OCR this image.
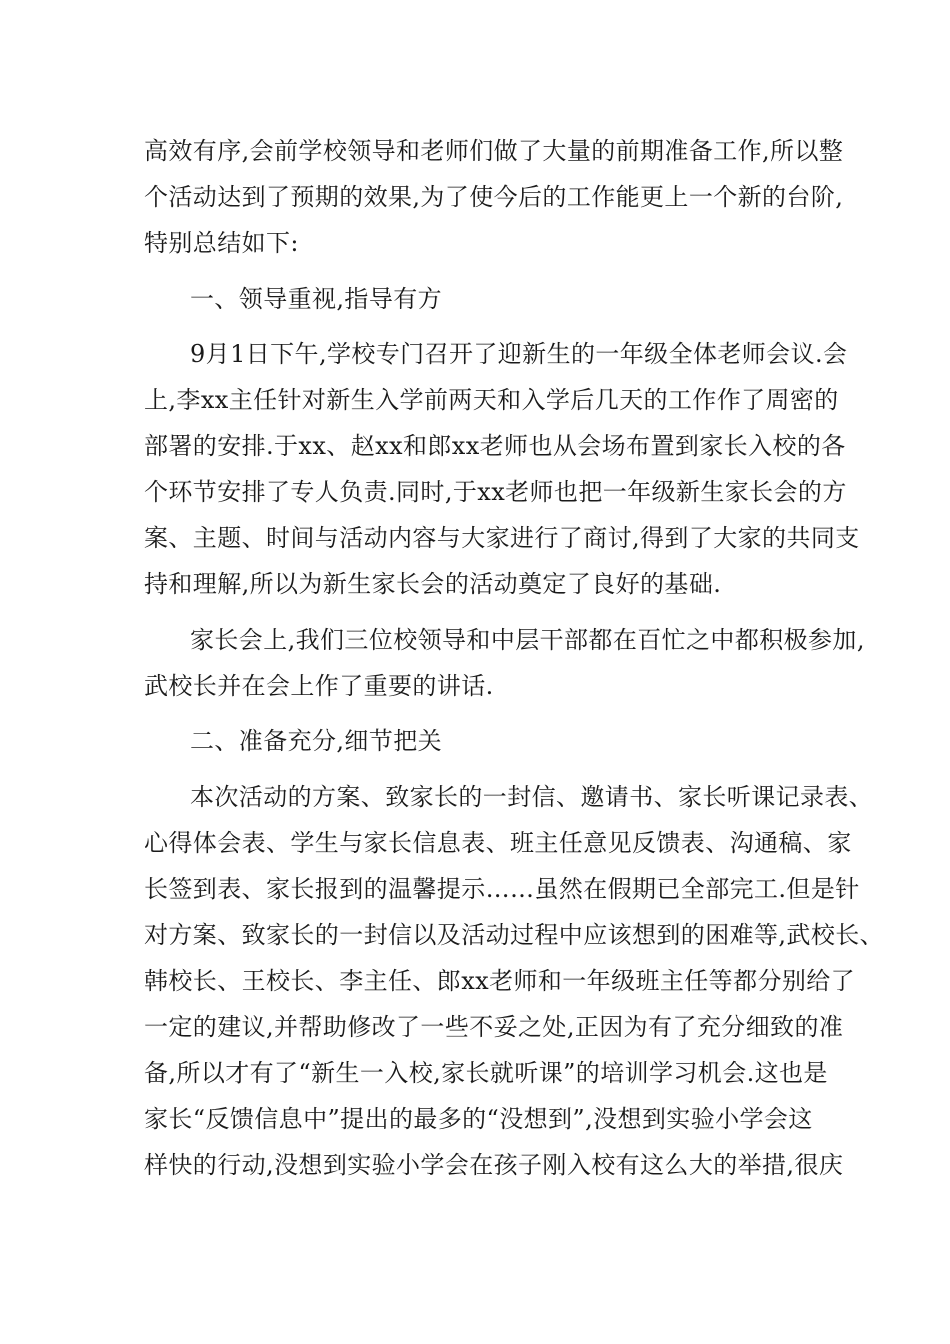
高效有序,会前学校领导和老师们做了大量的前期准备工作,所以整
个活动达到了预期的效果,为了使今后的工作能更上一个新的台阶,
特别总结如下:
一、领导重视,指导有方
9月1日下午,学校专门召开了迎新生的一年级全体老师会议.会
上,李xx主任针对新生入学前两天和入学后几天的工作作了周密的
部署的安排.于xx、赵xx和郎xx老师也从会场布置到家长入校的各
个环节安排了专人负责.同时,于xx老师也把一年级新生家长会的方
案、主题、时间与活动内容与大家进行了商讨,得到了大家的共同支
持和理解,所以为新生家长会的活动奠定了良好的基础.
家长会上,我们三位校领导和中层干部都在百忙之中都积极参加,
武校长并在会上作了重要的讲话.
二、准备充分,细节把关
本次活动的方案、致家长的一封信、邀请书、家长听课记录表、
心得体会表、学生与家长信息表、班主任意见反馈表、沟通稿、家
长签到表、家长报到的温馨提示……虽然在假期已全部完工.但是针
对方案、致家长的一封信以及活动过程中应该想到的困难等,武校长、
韩校长、王校长、李主任、郎xx老师和一年级班主任等都分别给了
一定的建议,并帮助修改了一些不妥之处,正因为有了充分细致的准
备,所以才有了“新生一入校,家长就听课”的培训学习机会.这也是
家长“反馈信息中”提出的最多的“没想到”,没想到实验小学会这
样快的行动,没想到实验小学会在孩子刚入校有这么大的举措,很庆
